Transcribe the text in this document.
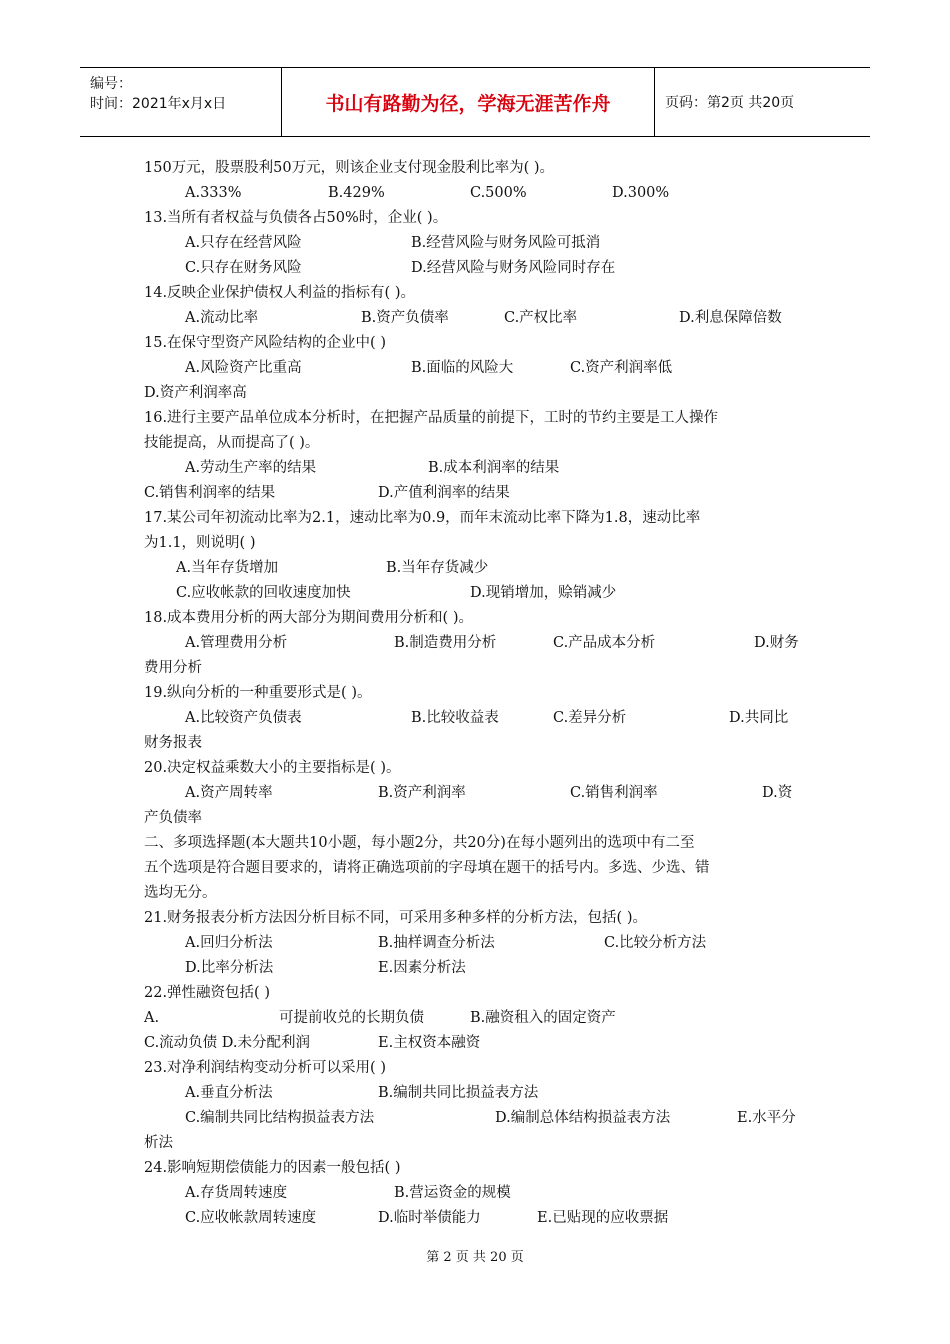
编号：
时间：2021年x月x日	书山有路勤为径，学海无涯苦作舟	页码：第2页 共20页
150万元，股票股利50万元，则该企业支付现金股利比率为( )。
A.333%	B.429%	C.500%	D.300%
13.当所有者权益与负债各占50%时，企业( )。
A.只存在经营风险	B.经营风险与财务风险可抵消
C.只存在财务风险	D.经营风险与财务风险同时存在
14.反映企业保护债权人利益的指标有( )。
A.流动比率	B.资产负债率	C.产权比率	D.利息保障倍数
15.在保守型资产风险结构的企业中( )
A.风险资产比重高	B.面临的风险大	C.资产利润率低
D.资产利润率高
16.进行主要产品单位成本分析时，在把握产品质量的前提下，工时的节约主要是工人操作
技能提高，从而提高了( )。
A.劳动生产率的结果	B.成本利润率的结果
C.销售利润率的结果	D.产值利润率的结果
17.某公司年初流动比率为2.1，速动比率为0.9，而年末流动比率下降为1.8，速动比率
为1.1，则说明( )
A.当年存货增加	B.当年存货减少
C.应收帐款的回收速度加快	D.现销增加，赊销减少
18.成本费用分析的两大部分为期间费用分析和( )。
A.管理费用分析	B.制造费用分析	C.产品成本分析	D.财务
费用分析
19.纵向分析的一种重要形式是( )。
A.比较资产负债表	B.比较收益表	C.差异分析	D.共同比
财务报表
20.决定权益乘数大小的主要指标是( )。
A.资产周转率	B.资产利润率	C.销售利润率	D.资
产负债率
二、多项选择题(本大题共10小题，每小题2分，共20分)在每小题列出的选项中有二至
五个选项是符合题目要求的，请将正确选项前的字母填在题干的括号内。多选、少选、错
选均无分。
21.财务报表分析方法因分析目标不同，可采用多种多样的分析方法，包括( )。
A.回归分析法	B.抽样调查分析法	C.比较分析方法
D.比率分析法	E.因素分析法
22.弹性融资包括( )
A.	可提前收兑的长期负债	B.融资租入的固定资产
C.流动负债 D.未分配利润	E.主权资本融资
23.对净利润结构变动分析可以采用( )
A.垂直分析法	B.编制共同比损益表方法
C.编制共同比结构损益表方法	D.编制总体结构损益表方法	E.水平分
析法
24.影响短期偿债能力的因素一般包括( )
A.存货周转速度	B.营运资金的规模
C.应收帐款周转速度	D.临时举债能力	E.已贴现的应收票据
第 2 页 共 20 页
